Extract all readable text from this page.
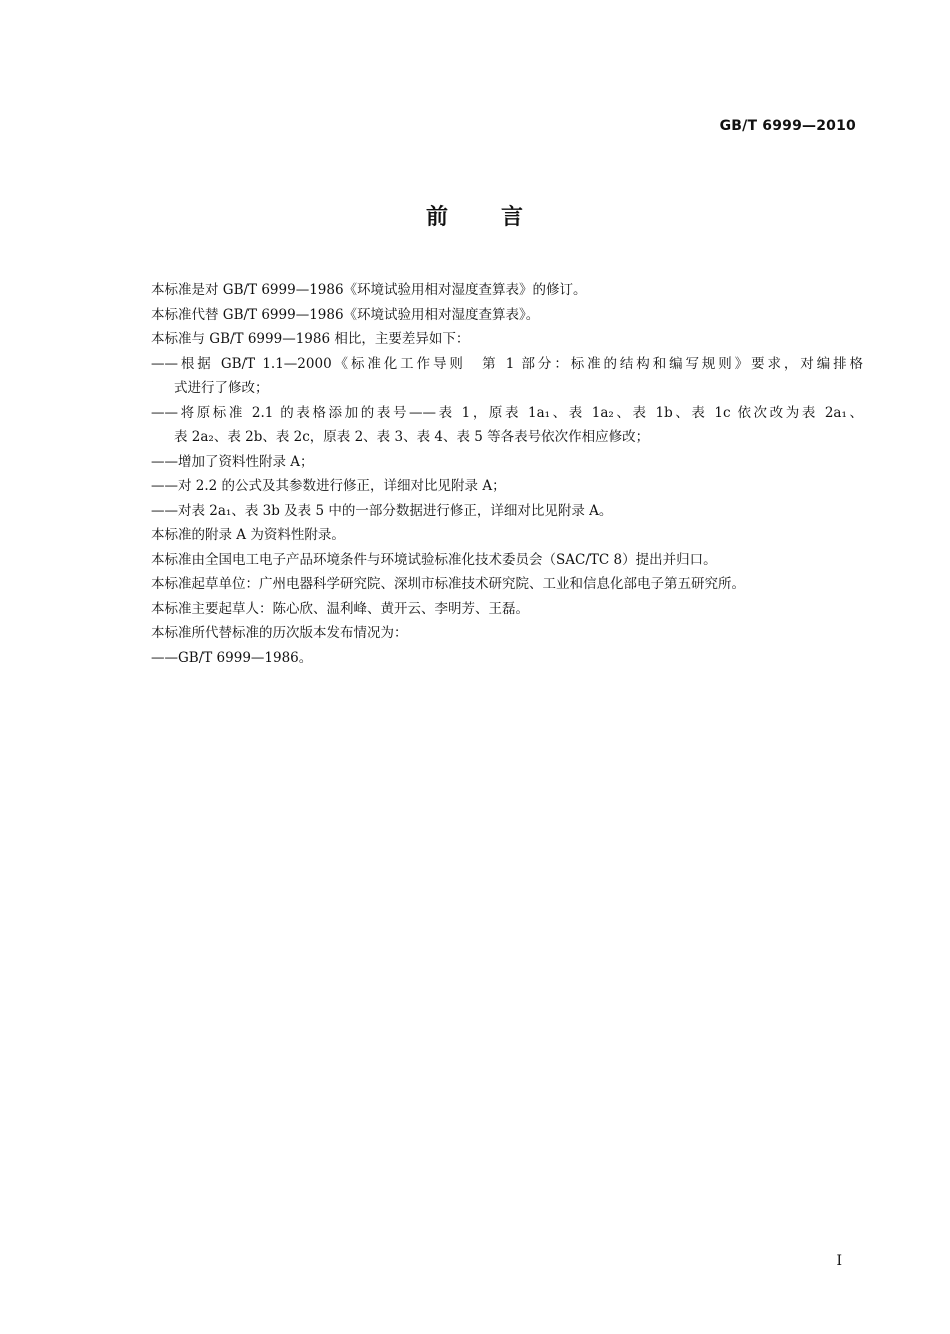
GB/T 6999—2010
前 言
本标准是对 GB/T 6999—1986《环境试验用相对湿度查算表》的修订。
本标准代替 GB/T 6999—1986《环境试验用相对湿度查算表》。
本标准与 GB/T 6999—1986 相比，主要差异如下：
——根据 GB/T 1.1—2000《标准化工作导则　第 1 部分：标准的结构和编写规则》要求，对编排格
式进行了修改；
——将原标准 2.1 的表格添加的表号——表 1，原表 1a₁、表 1a₂、表 1b、表 1c 依次改为表 2a₁、
表 2a₂、表 2b、表 2c，原表 2、表 3、表 4、表 5 等各表号依次作相应修改；
——增加了资料性附录 A；
——对 2.2 的公式及其参数进行修正，详细对比见附录 A；
——对表 2a₁、表 3b 及表 5 中的一部分数据进行修正，详细对比见附录 A。
本标准的附录 A 为资料性附录。
本标准由全国电工电子产品环境条件与环境试验标准化技术委员会（SAC/TC 8）提出并归口。
本标准起草单位：广州电器科学研究院、深圳市标准技术研究院、工业和信息化部电子第五研究所。
本标准主要起草人：陈心欣、温利峰、黄开云、李明芳、王磊。
本标准所代替标准的历次版本发布情况为：
——GB/T 6999—1986。
I
